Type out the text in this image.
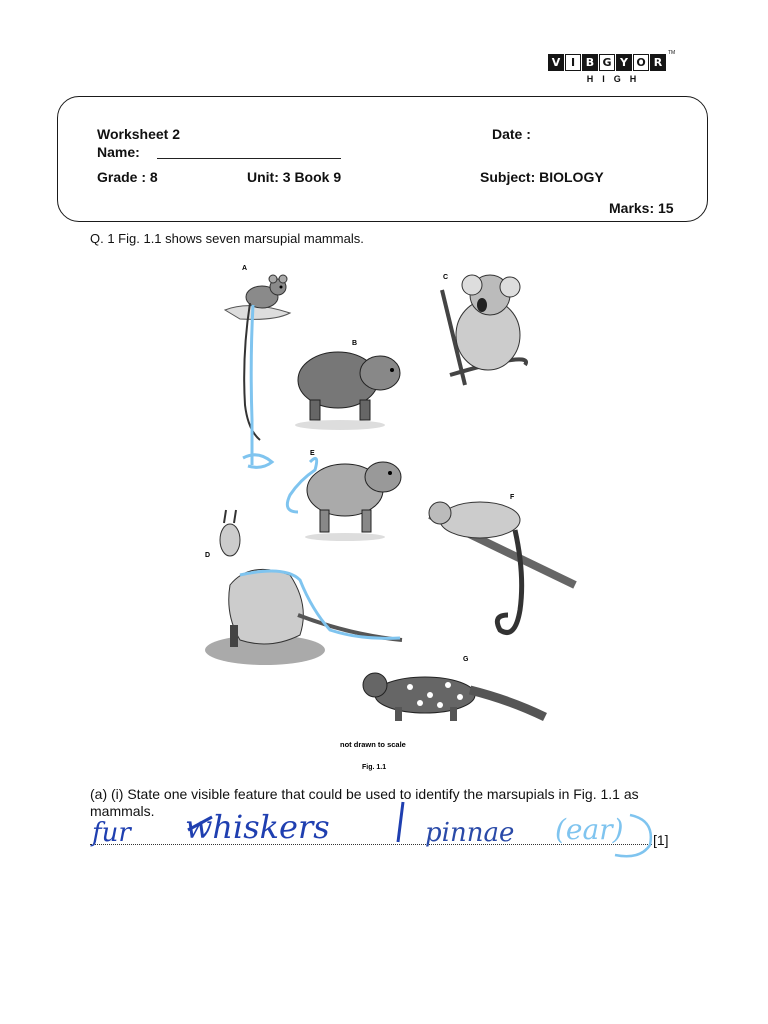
V I B G Y O R
HIGH
TM
Worksheet 2	Date :
Name:
Grade : 8	Unit: 3 Book 9	Subject: BIOLOGY
Marks: 15
Q. 1 Fig. 1.1 shows seven marsupial mammals.
A
B
C
D
E
F
G
not drawn to scale
Fig. 1.1
(a) (i) State one visible feature that could be used to identify the marsupials in Fig. 1.1 as mammals.
[1]
fur whiskers	pinnae (ear)
